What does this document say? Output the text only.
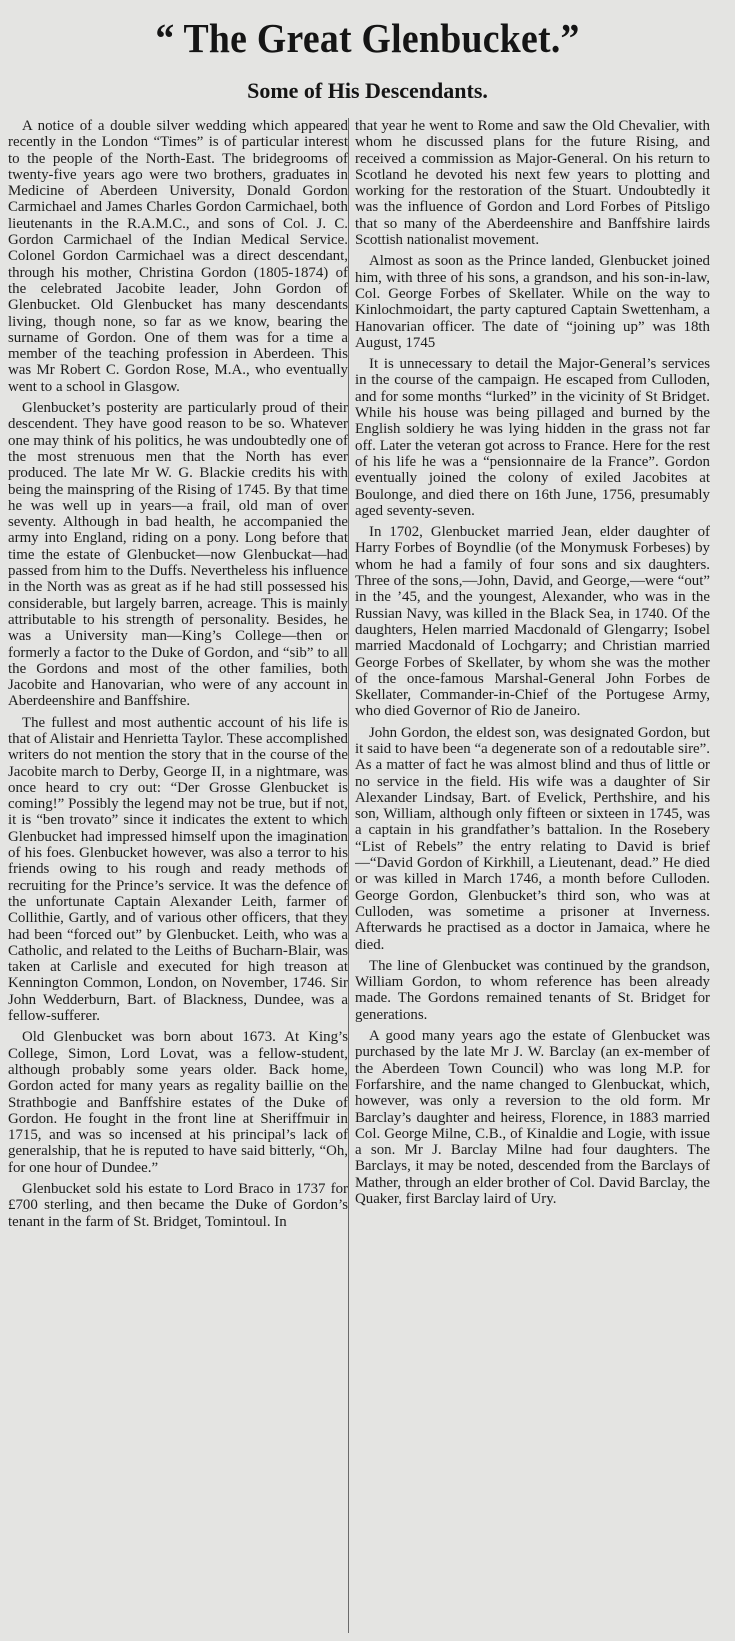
“ The Great Glenbucket.”
Some of His Descendants.

A notice of a double silver wedding which appeared recently in the London “Times” is of particular interest to the people of the North-East. The bridegrooms of twenty-five years ago were two brothers, graduates in Medicine of Aberdeen University, Donald Gordon Carmichael and James Charles Gordon Carmichael, both lieutenants in the R.A.M.C., and sons of Col. J. C. Gordon Carmichael of the Indian Medical Service. Colonel Gordon Carmichael was a direct descendant, through his mother, Christina Gordon (1805-1874) of the celebrated Jacobite leader, John Gordon of Glenbucket. Old Glenbucket has many descendants living, though none, so far as we know, bearing the surname of Gordon. One of them was for a time a member of the teaching profession in Aberdeen. This was Mr Robert C. Gordon Rose, M.A., who eventually went to a school in Glasgow.

Glenbucket’s posterity are particularly proud of their descendent. They have good reason to be so. Whatever one may think of his politics, he was undoubtedly one of the most strenuous men that the North has ever produced. The late Mr W. G. Blackie credits his with being the mainspring of the Rising of 1745. By that time he was well up in years—a frail, old man of over seventy. Although in bad health, he accompanied the army into England, riding on a pony. Long before that time the estate of Glenbucket—now Glenbuckat—had passed from him to the Duffs. Nevertheless his influence in the North was as great as if he had still possessed his considerable, but largely barren, acreage. This is mainly attributable to his strength of personality. Besides, he was a University man—King’s College—then or formerly a factor to the Duke of Gordon, and “sib” to all the Gordons and most of the other families, both Jacobite and Hanovarian, who were of any account in Aberdeenshire and Banffshire.

The fullest and most authentic account of his life is that of Alistair and Henrietta Taylor. These accomplished writers do not mention the story that in the course of the Jacobite march to Derby, George II, in a nightmare, was once heard to cry out: “Der Grosse Glenbucket is coming!” Possibly the legend may not be true, but if not, it is “ben trovato” since it indicates the extent to which Glenbucket had impressed himself upon the imagination of his foes. Glenbucket however, was also a terror to his friends owing to his rough and ready methods of recruiting for the Prince’s service. It was the defence of the unfortunate Captain Alexander Leith, farmer of Collithie, Gartly, and of various other officers, that they had been “forced out” by Glenbucket. Leith, who was a Catholic, and related to the Leiths of Bucharn-Blair, was taken at Carlisle and executed for high treason at Kennington Common, London, on November, 1746. Sir John Wedderburn, Bart. of Blackness, Dundee, was a fellow-sufferer.

Old Glenbucket was born about 1673. At King’s College, Simon, Lord Lovat, was a fellow-student, although probably some years older. Back home, Gordon acted for many years as regality baillie on the Strathbogie and Banffshire estates of the Duke of Gordon. He fought in the front line at Sheriffmuir in 1715, and was so incensed at his principal’s lack of generalship, that he is reputed to have said bitterly, “Oh, for one hour of Dundee.”

Glenbucket sold his estate to Lord Braco in 1737 for £700 sterling, and then became the Duke of Gordon’s tenant in the farm of St. Bridget, Tomintoul. In

that year he went to Rome and saw the Old Chevalier, with whom he discussed plans for the future Rising, and received a commission as Major-General. On his return to Scotland he devoted his next few years to plotting and working for the restoration of the Stuart. Undoubtedly it was the influence of Gordon and Lord Forbes of Pitsligo that so many of the Aberdeenshire and Banffshire lairds Scottish nationalist movement.

Almost as soon as the Prince landed, Glenbucket joined him, with three of his sons, a grandson, and his son-in-law, Col. George Forbes of Skellater. While on the way to Kinlochmoidart, the party captured Captain Swettenham, a Hanovarian officer. The date of “joining up” was 18th August, 1745

It is unnecessary to detail the Major-General’s services in the course of the campaign. He escaped from Culloden, and for some months “lurked” in the vicinity of St Bridget. While his house was being pillaged and burned by the English soldiery he was lying hidden in the grass not far off. Later the veteran got across to France. Here for the rest of his life he was a “pensionnaire de la France”. Gordon eventually joined the colony of exiled Jacobites at Boulonge, and died there on 16th June, 1756, presumably aged seventy-seven.

In 1702, Glenbucket married Jean, elder daughter of Harry Forbes of Boyndlie (of the Monymusk Forbeses) by whom he had a family of four sons and six daughters. Three of the sons,—John, David, and George,—were “out” in the ’45, and the youngest, Alexander, who was in the Russian Navy, was killed in the Black Sea, in 1740. Of the daughters, Helen married Macdonald of Glengarry; Isobel married Macdonald of Lochgarry; and Christian married George Forbes of Skellater, by whom she was the mother of the once-famous Marshal-General John Forbes de Skellater, Commander-in-Chief of the Portugese Army, who died Governor of Rio de Janeiro.

John Gordon, the eldest son, was designated Gordon, but it said to have been “a degenerate son of a redoutable sire”. As a matter of fact he was almost blind and thus of little or no service in the field. His wife was a daughter of Sir Alexander Lindsay, Bart. of Evelick, Perthshire, and his son, William, although only fifteen or sixteen in 1745, was a captain in his grandfather’s battalion. In the Rosebery “List of Rebels” the entry relating to David is brief—“David Gordon of Kirkhill, a Lieutenant, dead.” He died or was killed in March 1746, a month before Culloden. George Gordon, Glenbucket’s third son, who was at Culloden, was sometime a prisoner at Inverness. Afterwards he practised as a doctor in Jamaica, where he died.

The line of Glenbucket was continued by the grandson, William Gordon, to whom reference has been already made. The Gordons remained tenants of St. Bridget for generations.

A good many years ago the estate of Glenbucket was purchased by the late Mr J. W. Barclay (an ex-member of the Aberdeen Town Council) who was long M.P. for Forfarshire, and the name changed to Glenbuckat, which, however, was only a reversion to the old form. Mr Barclay’s daughter and heiress, Florence, in 1883 married Col. George Milne, C.B., of Kinaldie and Logie, with issue a son. Mr J. Barclay Milne had four daughters. The Barclays, it may be noted, descended from the Barclays of Mather, through an elder brother of Col. David Barclay, the Quaker, first Barclay laird of Ury.
